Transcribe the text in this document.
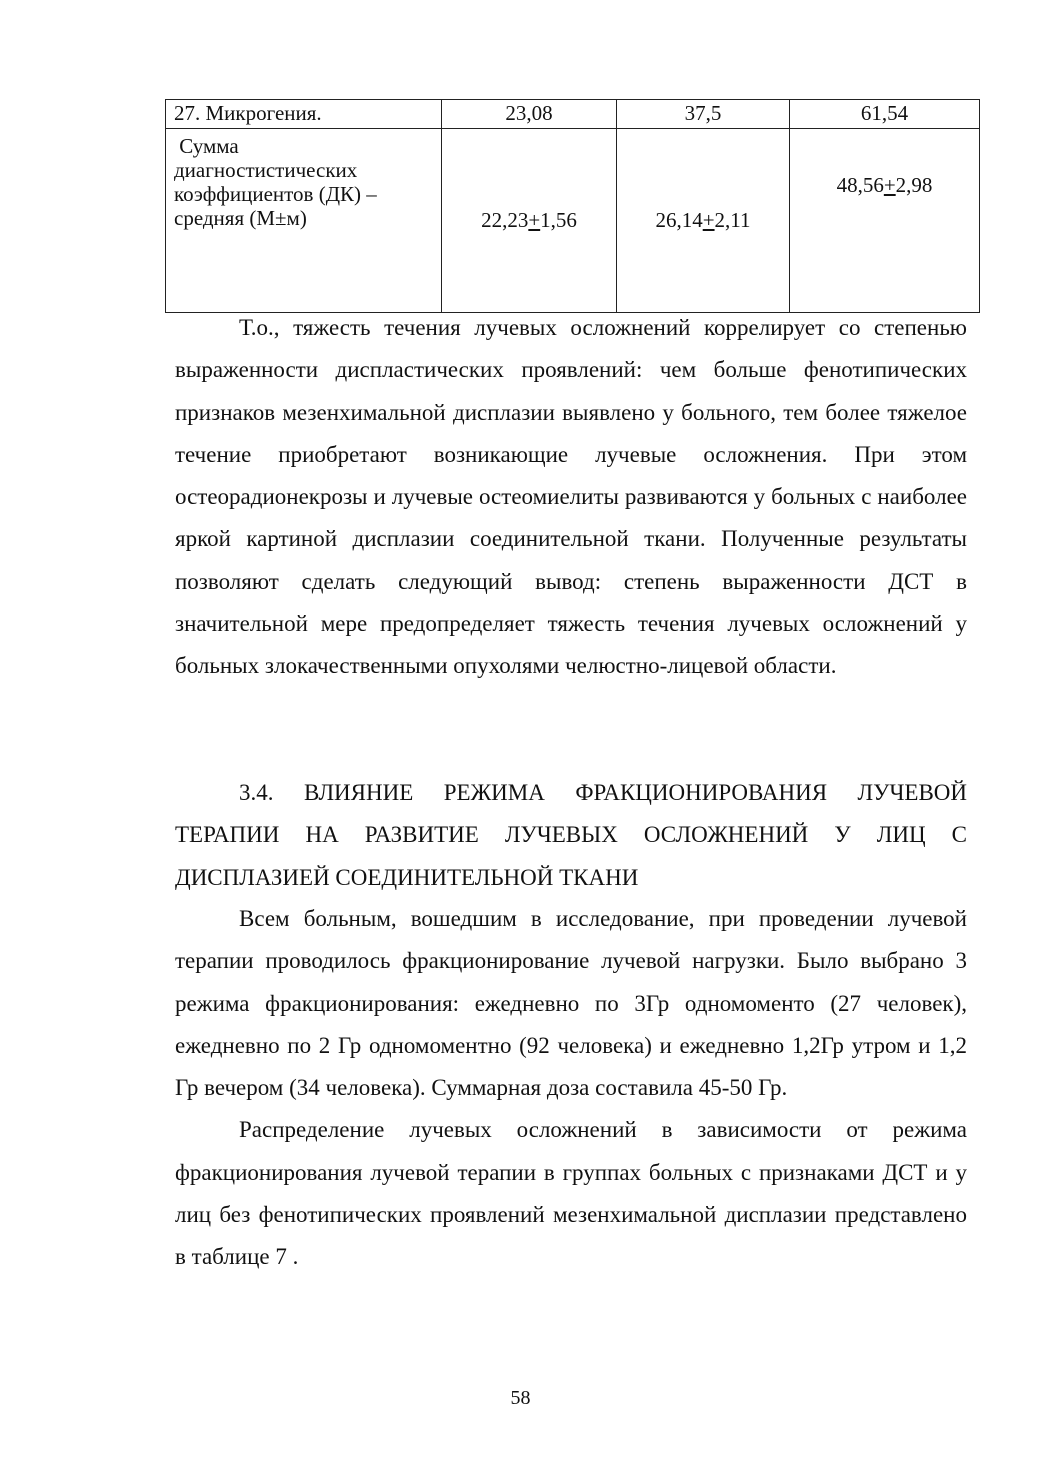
27. Микрогения.	23,08	37,5	61,54
Сумма
диагностистических
коэффициентов (ДК) –
средняя (М±м)	22,23+1,56	26,14+2,11	48,56+2,98

Т.о., тяжесть течения лучевых осложнений коррелирует со степенью выраженности диспластических проявлений: чем больше фенотипических признаков мезенхимальной дисплазии выявлено у больного, тем более тяжелое течение приобретают возникающие лучевые осложнения. При этом остеорадионекрозы и лучевые остеомиелиты развиваются у больных с наиболее яркой картиной дисплазии соединительной ткани. Полученные результаты позволяют сделать следующий вывод: степень выраженности ДСТ в значительной мере предопределяет тяжесть течения лучевых осложнений у больных злокачественными опухолями челюстно-лицевой области.

3.4. ВЛИЯНИЕ РЕЖИМА ФРАКЦИОНИРОВАНИЯ ЛУЧЕВОЙ ТЕРАПИИ НА РАЗВИТИЕ ЛУЧЕВЫХ ОСЛОЖНЕНИЙ У ЛИЦ С ДИСПЛАЗИЕЙ СОЕДИНИТЕЛЬНОЙ ТКАНИ

Всем больным, вошедшим в исследование, при проведении лучевой терапии проводилось фракционирование лучевой нагрузки. Было выбрано 3 режима фракционирования: ежедневно по 3Гр одномоменто (27 человек), ежедневно по 2 Гр одномоментно (92 человека) и ежедневно 1,2Гр утром и 1,2 Гр вечером (34 человека). Суммарная доза составила 45-50 Гр.

Распределение лучевых осложнений в зависимости от режима фракционирования лучевой терапии в группах больных с признаками ДСТ и у лиц без фенотипических проявлений мезенхимальной дисплазии представлено в таблице 7 .

58
